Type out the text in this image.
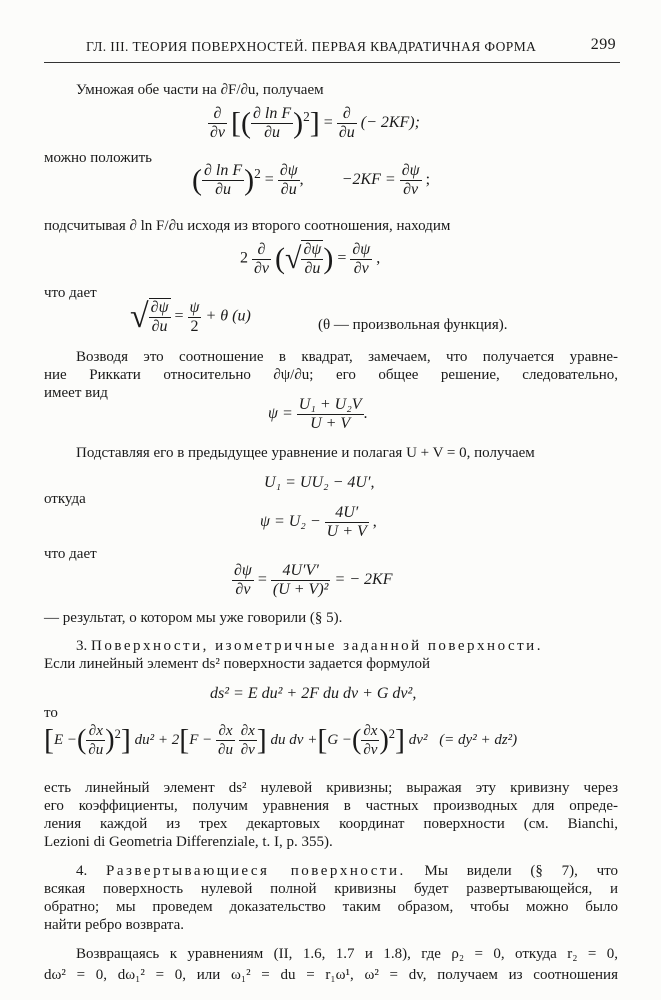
ГЛ. III. ТЕОРИЯ ПОВЕРХНОСТЕЙ. ПЕРВАЯ КВАДРАТИЧНАЯ ФОРМА	299
Умножая обе части на ∂F/∂u, получаем
$\frac{\partial}{\partial v}$ [( $\frac{\text{∂ ln F}}{\partial u} )^2] = \frac{\partial}{\partial u}$ (− 2KF);
можно положить
( $\frac{\text{∂ ln F}}{\partial u} )^2 = \frac{\partial\psi}{\partial u}$ , $-2KF = \frac{\partial\psi}{\partial v}$ ;
подсчитывая ∂ ln F/∂u исходя из второго соотношения, находим
$2 \frac{\partial}{\partial v}$ (√ $\frac{\partial\psi}{\partial u}$ ) = $\frac{\partial\psi}{\partial v}$ ,
что дает
√ $\frac{\partial\psi}{\partial u} = \frac{\psi}{2} + \theta$ (u)
(θ — произвольная функция).
Возводя это соотношение в квадрат, замечаем, что получается уравне-
ние Риккати относительно ∂ψ/∂u; его общее решение, следовательно,
имеет вид
$\psi = \frac{\text{U₁ + U₂V}}{U + V}$ .
Подставляя его в предыдущее уравнение и полагая U + V = 0, получаем
U₁ = UU₂ − 4U′,
откуда
$\psi = U_2 - \frac{4U'}{U + V}$ ,
что дает
$\frac{\partial\psi}{\partial v} = \frac{4U'V'}{\text{(U + V)²}}$ = − 2KF
— результат, о котором мы уже говорили (§ 5).
3. Поверхности, изометричные заданной поверхности.
Если линейный элемент ds² поверхности задается формулой
ds² = E du² + 2F du dv + G dv²,
то
[E −( $\frac{\partial x}{\partial u} )^2$] $du^2 + 2[F - \frac{\partial x}{\partial u}$
$\frac{\partial x}{\partial v}$ ] du dv +[G −( $\frac{\partial x}{\partial v} )^2$] dv² (= dy² + dz²)
есть линейный элемент ds² нулевой кривизны; выражая эту кривизну через
его коэффициенты, получим уравнения в частных производных для опреде-
ления каждой из трех декартовых координат поверхности (см. Bianchi,
Lezioni di Geometria Differenziale, t. I, p. 355).
4. Развертывающиеся поверхности. Мы видели (§ 7), что
всякая поверхность нулевой полной кривизны будет развертывающейся, и
обратно; мы проведем доказательство таким образом, чтобы можно было
найти ребро возврата.
Возвращаясь к уравнениям (II, 1.6, 1.7 и 1.8), где ρ₂ = 0, откуда r₂ = 0,
dω² = 0, dω₁² = 0, или ω₁² = du = r₁ω¹, ω² = dv, получаем из соотношения
